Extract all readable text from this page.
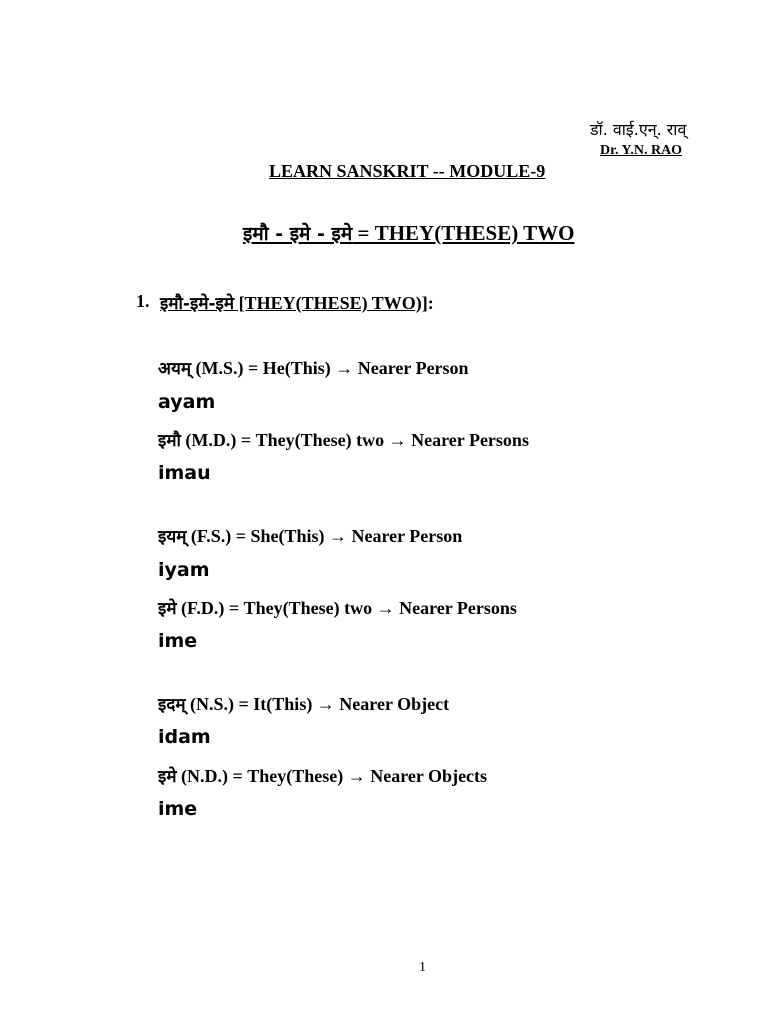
डॉ. वाई.एन्. राव्
Dr. Y.N. RAO
LEARN SANSKRIT -- MODULE-9
इमौ - इमे - इमे = THEY(THESE) TWO
1. इमौ-इमे-इमे [THEY(THESE) TWO)]:
अयम् (M.S.) = He(This) → Nearer Person
ayam
इमौ (M.D.) = They(These) two → Nearer Persons
imau
इयम् (F.S.) = She(This) → Nearer Person
iyam
इमे (F.D.) = They(These) two → Nearer Persons
ime
इदम् (N.S.) = It(This) → Nearer Object
idam
इमे (N.D.) = They(These) → Nearer Objects
ime
1
